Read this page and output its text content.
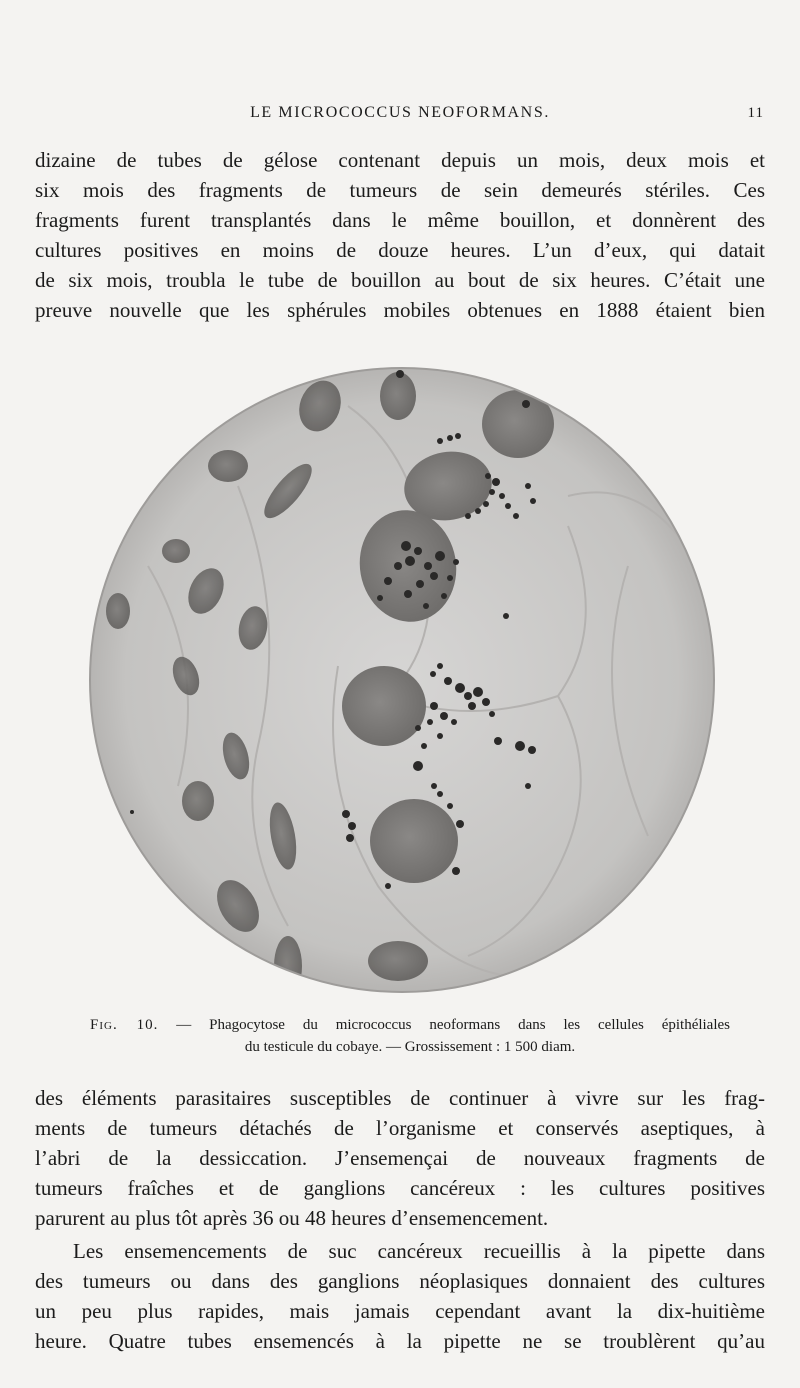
LE MICROCOCCUS NEOFORMANS.	11
dizaine de tubes de gélose contenant depuis un mois, deux mois et
six mois des fragments de tumeurs de sein demeurés stériles. Ces
fragments furent transplantés dans le même bouillon, et donnèrent des
cultures positives en moins de douze heures. L’un d’eux, qui datait
de six mois, troubla le tube de bouillon au bout de six heures. C’était une
preuve nouvelle que les sphérules mobiles obtenues en 1888 étaient bien
Fig. 10. — Phagocytose du micrococcus neoformans dans les cellules épithéliales
du testicule du cobaye. — Grossissement : 1 500 diam.
des éléments parasitaires susceptibles de continuer à vivre sur les frag-
ments de tumeurs détachés de l’organisme et conservés aseptiques, à
l’abri de la dessiccation. J’ensemençai de nouveaux fragments de
tumeurs fraîches et de ganglions cancéreux : les cultures positives
parurent au plus tôt après 36 ou 48 heures d’ensemencement.
Les ensemencements de suc cancéreux recueillis à la pipette dans
des tumeurs ou dans des ganglions néoplasiques donnaient des cultures
un peu plus rapides, mais jamais cependant avant la dix-huitième
heure. Quatre tubes ensemencés à la pipette ne se troublèrent qu’au
